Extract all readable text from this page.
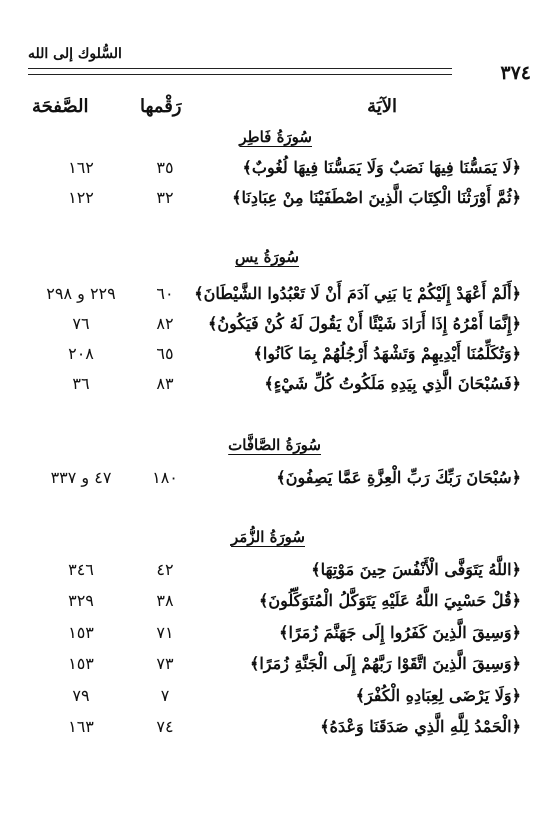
السُّلوك إلى الله
٣٧٤
الآيَة
رَقْمها
الصَّفحَة
سُورَةُ فَاطِر
﴿لَا يَمَسُّنَا فِيهَا نَصَبٌ وَلَا يَمَسُّنَا فِيهَا لُغُوبٌ﴾
٣٥
١٦٢
﴿ثُمَّ أَوْرَثْنَا الْكِتَابَ الَّذِينَ اصْطَفَيْنَا مِنْ عِبَادِنَا﴾
٣٢
١٢٢
سُورَةُ يس
﴿أَلَمْ أَعْهَدْ إِلَيْكُمْ يَا بَنِي آدَمَ أَنْ لَا تَعْبُدُوا الشَّيْطَانَ﴾
٦٠
٢٢٩ و ٢٩٨
﴿إِنَّمَا أَمْرُهُ إِذَا أَرَادَ شَيْئًا أَنْ يَقُولَ لَهُ كُنْ فَيَكُونُ﴾
٨٢
٧٦
﴿وَتُكَلِّمُنَا أَيْدِيهِمْ وَتَشْهَدُ أَرْجُلُهُمْ بِمَا كَانُوا﴾
٦٥
٢٠٨
﴿فَسُبْحَانَ الَّذِي بِيَدِهِ مَلَكُوتُ كُلِّ شَيْءٍ﴾
٨٣
٣٦
سُورَةُ الصَّافَّات
﴿سُبْحَانَ رَبِّكَ رَبِّ الْعِزَّةِ عَمَّا يَصِفُونَ﴾
١٨٠
٤٧ و ٣٣٧
سُورَةُ الزُّمَر
﴿اللَّهُ يَتَوَفَّى الْأَنْفُسَ حِينَ مَوْتِهَا﴾
٤٢
٣٤٦
﴿قُلْ حَسْبِيَ اللَّهُ عَلَيْهِ يَتَوَكَّلُ الْمُتَوَكِّلُونَ﴾
٣٨
٣٢٩
﴿وَسِيقَ الَّذِينَ كَفَرُوا إِلَى جَهَنَّمَ زُمَرًا﴾
٧١
١٥٣
﴿وَسِيقَ الَّذِينَ اتَّقَوْا رَبَّهُمْ إِلَى الْجَنَّةِ زُمَرًا﴾
٧٣
١٥٣
﴿وَلَا يَرْضَى لِعِبَادِهِ الْكُفْرَ﴾
٧
٧٩
﴿الْحَمْدُ لِلَّهِ الَّذِي صَدَقَنَا وَعْدَهُ﴾
٧٤
١٦٣
